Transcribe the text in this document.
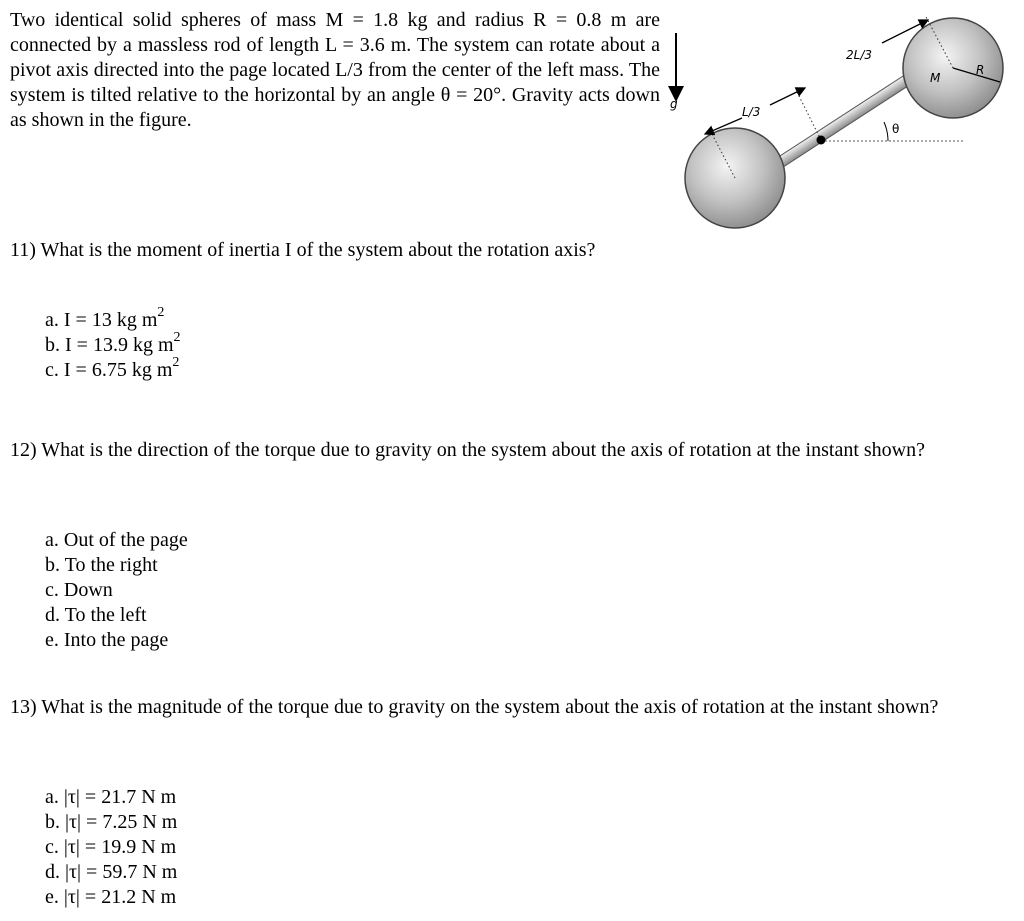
Two identical solid spheres of mass M = 1.8 kg and radius R = 0.8 m are connected by a massless rod of length L = 3.6 m. The system can rotate about a pivot axis directed into the page located L/3 from the center of the left mass. The system is tilted relative to the horizontal by an angle θ = 20°. Gravity acts down as shown in the figure.
g
L/3
2L/3
M
R
θ
11) What is the moment of inertia I of the system about the rotation axis?
a. I = 13 kg $m^2$
b. I = 13.9 kg $m^2$
c. I = 6.75 kg $m^2$
12) What is the direction of the torque due to gravity on the system about the axis of rotation at the instant shown?
a. Out of the page
b. To the right
c. Down
d. To the left
e. Into the page
13) What is the magnitude of the torque due to gravity on the system about the axis of rotation at the instant shown?
a. |τ| = 21.7 N m
b. |τ| = 7.25 N m
c. |τ| = 19.9 N m
d. |τ| = 59.7 N m
e. |τ| = 21.2 N m
